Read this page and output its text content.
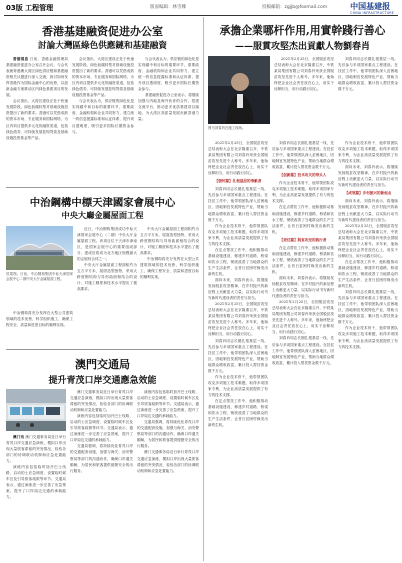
03版 工程管理	版面编辑：林雪娜	投稿邮箱：zgjjb@foxmail.com	中国基建报
CHINA INFRASTRUCTURE
香港基建融资促进办公室
討論大灣區綠色供應鏈和基建融資

香港消息 日前，香港金融管理局基建融资促进办公室召开会议，与会代表就粤港澳大湾区绿色供应链和基建融资相关议题进行深入交流，探讨如何发挥香港作为国际金融中心的优势，以创新金融方案推动区内绿色基建项目的发展。

会议指出，大湾区建设正处于快速发展阶段，绿色低碳转型对基础设施投资提出了新的要求。香港可以凭借成熟的资本市场、专业服务和国际网络，为区内项目提供多元化的融资渠道，包括绿色债券、可持续发展挂钩贷款及基础设施投资基金等产品。

会议指出，大湾区建设正处于快速发展阶段，绿色低碳转型对基础设施投资提出了新的要求。香港可以凭借成熟的资本市场、专业服务和国际网络，为区内项目提供多元化的融资渠道，包括绿色债券、可持续发展挂钩贷款及基础设施投资基金等产品。

与会代表认为，供应链的绿色化是实现碳中和目标的重要环节，需要政府、金融机构和企业共同努力，建立统一的信息披露标准和认证体系，提升项目透明度，吸引更多国际长期资金参与。

与会代表认为，供应链的绿色化是实现碳中和目标的重要环节，需要政府、金融机构和企业共同努力，建立统一的信息披露标准和认证体系，提升项目透明度，吸引更多国际长期资金参与。

基建融资促进办公室表示，将继续加强与内地及海外伙伴的合作，搭建交流平台，推动更多优质基建项目落地，为大湾区高质量发展贡献香港力量。

中治鋼構中標天津國家會展中心
中央大廳金屬屋面工程
效果图。日前，中冶钢构集团中标天津国家会展中心二期中央大厅金属屋面工程。

近日，中冶钢构集团成功中标天津国家会展中心（二期）中央大厅金属屋面工程。该项目位于天津市津南区，是国家会展中心的重要组成部分，建成后将成为北方地区规模最大的会展综合体之一。

中央大厅金属屋面工程面积约为五万平方米，屋面造型独特，采用大跨度钢结构与异形曲面相结合的设计，对施工精度和技术水平提出了极高要求。

中央大厅金属屋面工程面积约为五万平方米，屋面造型独特，采用大跨度钢结构与异形曲面相结合的设计，对施工精度和技术水平提出了极高要求。

中冶钢构将充分发挥在大型公共建筑领域的技术优势，科学组织施工，确保工程安全、质量和进度目标的顺利实现。

中冶钢构将充分发挥在大型公共建筑领域的技术优势，科学组织施工，确保工程安全、质量和进度目标的顺利实现。

澳門交通局
提升青茂口岸交通應急效能

澳门讯 澳门交通事务局近日举行青茂口岸交通应急演练，模拟口岸出现大量旅客滞留的突发情况，检验各部门的协调联动机制和应急处置能力。

演练内容包括临时加开巴士线路、启动的士应急调度、设置临时候车区及引导旅客疏散等环节。交通局表示，通过演练进一步完善了应急预案，提升了口岸周边交通的承载能力。

澳门交通事务局近日举行青茂口岸交通应急演练，模拟口岸出现大量旅客滞留的突发情况，检验各部门的协调联动机制和应急处置能力。

演练内容包括临时加开巴士线路、启动的士应急调度、设置临时候车区及引导旅客疏散等环节。交通局表示，通过演练进一步完善了应急预案，提升了口岸周边交通的承载能力。

交通局强调，将持续优化青茂口岸的交通配套设施，加强与海关、治安警察局等部门的沟通协作，确保口岸通关顺畅，为居民和旅客提供便捷安全的出行服务。

演练内容包括临时加开巴士线路、启动的士应急调度、设置临时候车区及引导旅客疏散等环节。交通局表示，通过演练进一步完善了应急预案，提升了口岸周边交通的承载能力。

交通局强调，将持续优化青茂口岸的交通配套设施，加强与海关、治安警察局等部门的沟通协作，确保口岸通关顺畅，为居民和旅客提供便捷安全的出行服务。

澳门交通事务局近日举行青茂口岸交通应急演练，模拟口岸出现大量旅客滞留的突发情况，检验各部门的协调联动机制和应急处置能力。

承擔企業哪杆作用,用實幹踐行善心
——服貫攻堅杰出貢獻人物劉春肖
图为刘春肖在施工现场。

2021年2月25日，全国脱贫攻坚总结表彰大会在北京隆重召开，中铁某局集团有限公司刘春肖荣获全国脱贫攻坚先进个人称号。多年来，他始终把企业社会责任放在心上，用实干诠释担当，用行动践行初心。

刘春肖同志长期扎根基层一线，先后参与多项国家重点工程建设。在扶贫工作中，他带领团队深入贫困地区，因地制宜发展特色产业，帮助当地群众增收致富，累计投入帮扶资金数千万元。

2021年2月25日，全国脱贫攻坚总结表彰大会在北京隆重召开，中铁某局集团有限公司刘春肖荣获全国脱贫攻坚先进个人称号。多年来，他始终把企业社会责任放在心上，用实干诠释担当，用行动践行初心。

【情怀篇】扎根基层的奉献者

刘春肖同志长期扎根基层一线，先后参与多项国家重点工程建设。在扶贫工作中，他带领团队深入贫困地区，因地制宜发展特色产业，帮助当地群众增收致富，累计投入帮扶资金数千万元。

作为企业技术骨干，他带领团队攻克多项施工技术难题，取得多项国家专利，为企业高质量发展提供了有力的技术支撑。

在定点帮扶工作中，他积极推动基础设施建设，修建乡村道路、桥梁和饮水工程，彻底改善了当地群众的生产生活条件，让昔日贫困村焕发出新的生机。

面向未来，刘春肖表示，将继续发扬脱贫攻坚精神，在乡村振兴的新征程上贡献更大力量，以实际行动书写新时代建设者的责任与担当。

2021年2月25日，全国脱贫攻坚总结表彰大会在北京隆重召开，中铁某局集团有限公司刘春肖荣获全国脱贫攻坚先进个人称号。多年来，他始终把企业社会责任放在心上，用实干诠释担当，用行动践行初心。

刘春肖同志长期扎根基层一线，先后参与多项国家重点工程建设。在扶贫工作中，他带领团队深入贫困地区，因地制宜发展特色产业，帮助当地群众增收致富，累计投入帮扶资金数千万元。

作为企业技术骨干，他带领团队攻克多项施工技术难题，取得多项国家专利，为企业高质量发展提供了有力的技术支撑。

在定点帮扶工作中，他积极推动基础设施建设，修建乡村道路、桥梁和饮水工程，彻底改善了当地群众的生产生活条件，让昔日贫困村焕发出新的生机。

刘春肖同志长期扎根基层一线，先后参与多项国家重点工程建设。在扶贫工作中，他带领团队深入贫困地区，因地制宜发展特色产业，帮助当地群众增收致富，累计投入帮扶资金数千万元。

【创新篇】技术攻关的带头人

作为企业技术骨干，他带领团队攻克多项施工技术难题，取得多项国家专利，为企业高质量发展提供了有力的技术支撑。

在定点帮扶工作中，他积极推动基础设施建设，修建乡村道路、桥梁和饮水工程，彻底改善了当地群众的生产生活条件，让昔日贫困村焕发出新的生机。

【责任篇】脱贫攻坚的践行者

在定点帮扶工作中，他积极推动基础设施建设，修建乡村道路、桥梁和饮水工程，彻底改善了当地群众的生产生活条件，让昔日贫困村焕发出新的生机。

面向未来，刘春肖表示，将继续发扬脱贫攻坚精神，在乡村振兴的新征程上贡献更大力量，以实际行动书写新时代建设者的责任与担当。

2021年2月25日，全国脱贫攻坚总结表彰大会在北京隆重召开，中铁某局集团有限公司刘春肖荣获全国脱贫攻坚先进个人称号。多年来，他始终把企业社会责任放在心上，用实干诠释担当，用行动践行初心。

刘春肖同志长期扎根基层一线，先后参与多项国家重点工程建设。在扶贫工作中，他带领团队深入贫困地区，因地制宜发展特色产业，帮助当地群众增收致富，累计投入帮扶资金数千万元。

作为企业技术骨干，他带领团队攻克多项施工技术难题，取得多项国家专利，为企业高质量发展提供了有力的技术支撑。

面向未来，刘春肖表示，将继续发扬脱贫攻坚精神，在乡村振兴的新征程上贡献更大力量，以实际行动书写新时代建设者的责任与担当。

【成效篇】乡村振兴的新起点

面向未来，刘春肖表示，将继续发扬脱贫攻坚精神，在乡村振兴的新征程上贡献更大力量，以实际行动书写新时代建设者的责任与担当。

2021年2月25日，全国脱贫攻坚总结表彰大会在北京隆重召开，中铁某局集团有限公司刘春肖荣获全国脱贫攻坚先进个人称号。多年来，他始终把企业社会责任放在心上，用实干诠释担当，用行动践行初心。

在定点帮扶工作中，他积极推动基础设施建设，修建乡村道路、桥梁和饮水工程，彻底改善了当地群众的生产生活条件，让昔日贫困村焕发出新的生机。

刘春肖同志长期扎根基层一线，先后参与多项国家重点工程建设。在扶贫工作中，他带领团队深入贫困地区，因地制宜发展特色产业，帮助当地群众增收致富，累计投入帮扶资金数千万元。

作为企业技术骨干，他带领团队攻克多项施工技术难题，取得多项国家专利，为企业高质量发展提供了有力的技术支撑。
